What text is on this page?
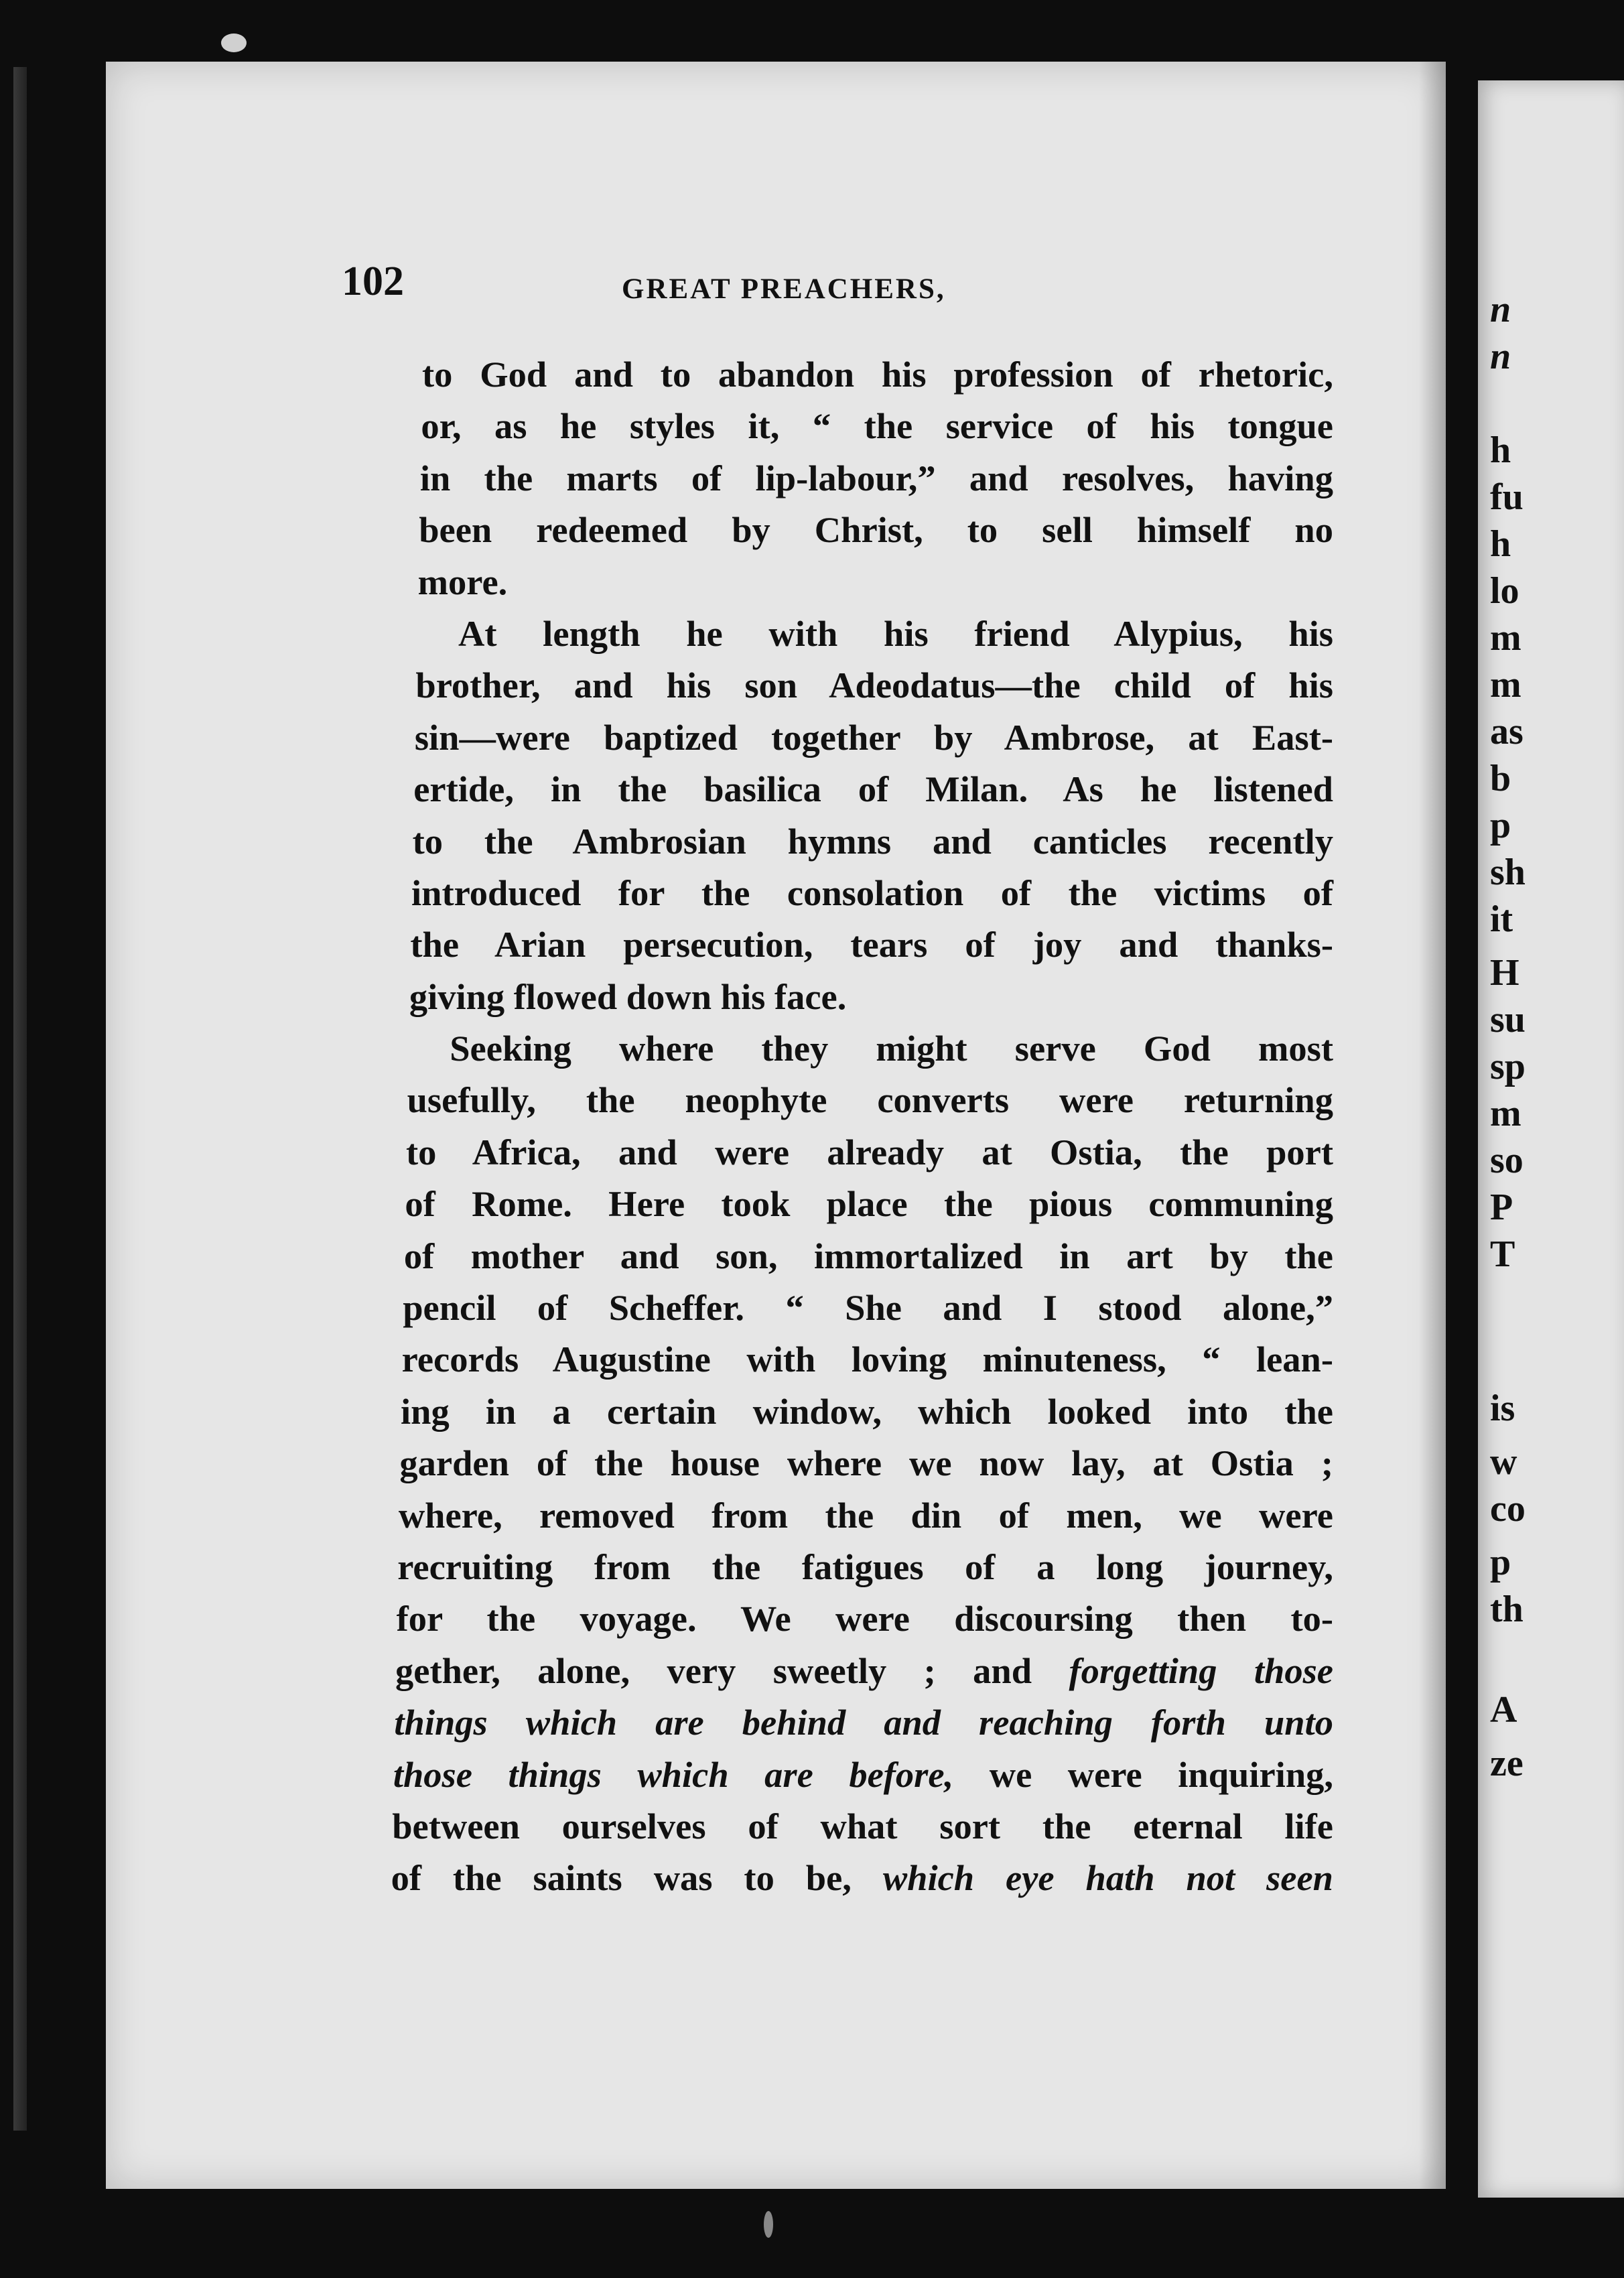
n
n
h
fu
h
lo
m
m
as
b
p
sh
it
H
su
sp
m
so
P
T
is
w
co
p
th
A
ze
102	GREAT PREACHERS,
to God and to abandon his profession of rhetoric,
or, as he styles it, “ the service of his tongue
in the marts of lip-labour,” and resolves, having
been redeemed by Christ, to sell himself no
more.
At length he with his friend Alypius, his
brother, and his son Adeodatus—the child of his
sin—were baptized together by Ambrose, at East-
ertide, in the basilica of Milan. As he listened
to the Ambrosian hymns and canticles recently
introduced for the consolation of the victims of
the Arian persecution, tears of joy and thanks-
giving flowed down his face.
Seeking where they might serve God most
usefully, the neophyte converts were returning
to Africa, and were already at Ostia, the port
of Rome. Here took place the pious communing
of mother and son, immortalized in art by the
pencil of Scheffer. “ She and I stood alone,”
records Augustine with loving minuteness, “ lean-
ing in a certain window, which looked into the
garden of the house where we now lay, at Ostia ;
where, removed from the din of men, we were
recruiting from the fatigues of a long journey,
for the voyage. We were discoursing then to-
gether, alone, very sweetly ; and forgetting those
things which are behind and reaching forth unto
those things which are before, we were inquiring,
between ourselves of what sort the eternal life
of the saints was to be, which eye hath not seen
